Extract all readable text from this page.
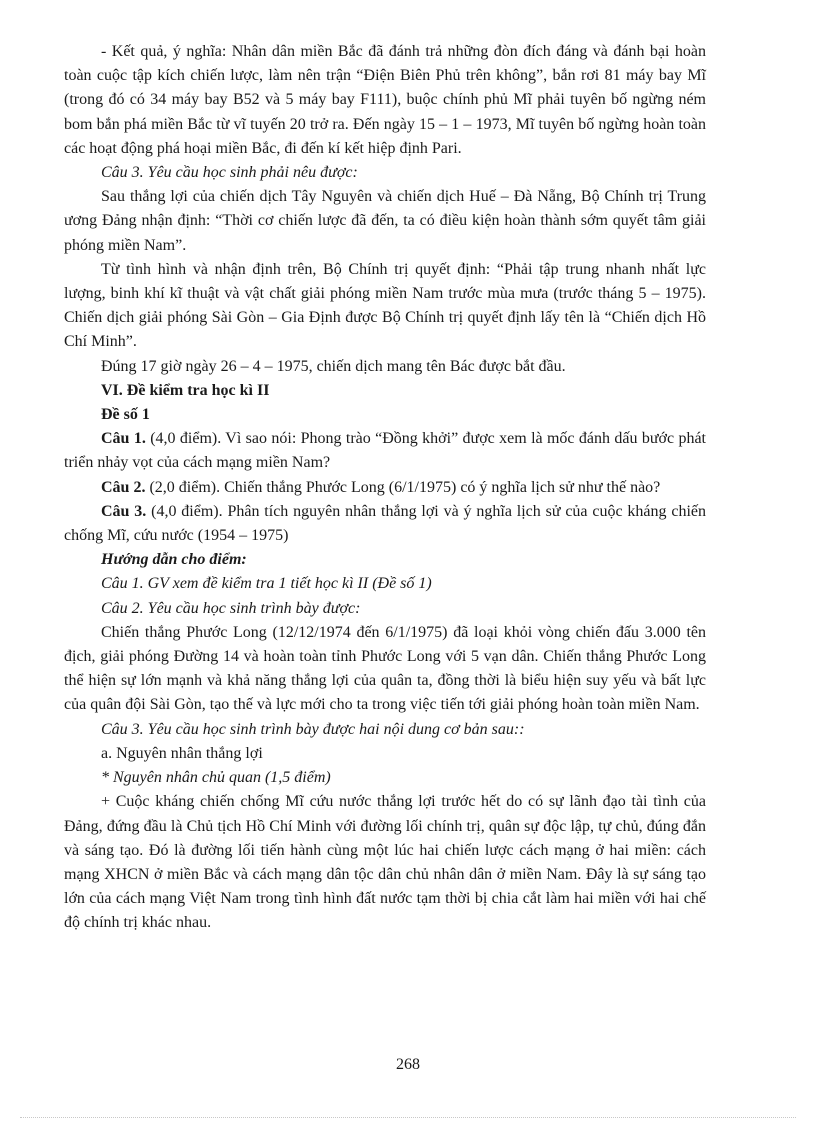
- Kết quả, ý nghĩa: Nhân dân miền Bắc đã đánh trả những đòn đích đáng và đánh bại hoàn toàn cuộc tập kích chiến lược, làm nên trận “Điện Biên Phủ trên không”, bắn rơi 81 máy bay Mĩ (trong đó có 34 máy bay B52 và 5 máy bay F111), buộc chính phủ Mĩ phải tuyên bố ngừng ném bom bắn phá miền Bắc từ vĩ tuyến 20 trở ra. Đến ngày 15 – 1 – 1973, Mĩ tuyên bố ngừng hoàn toàn các hoạt động phá hoại miền Bắc, đi đến kí kết hiệp định Pari.

Câu 3. Yêu cầu học sinh phải nêu được:

Sau thắng lợi của chiến dịch Tây Nguyên và chiến dịch Huế – Đà Nẵng, Bộ Chính trị Trung ương Đảng nhận định: “Thời cơ chiến lược đã đến, ta có điều kiện hoàn thành sớm quyết tâm giải phóng miền Nam”.

Từ tình hình và nhận định trên, Bộ Chính trị quyết định: “Phải tập trung nhanh nhất lực lượng, binh khí kĩ thuật và vật chất giải phóng miền Nam trước mùa mưa (trước tháng 5 – 1975). Chiến dịch giải phóng Sài Gòn – Gia Định được Bộ Chính trị quyết định lấy tên là “Chiến dịch Hồ Chí Minh”.

Đúng 17 giờ ngày 26 – 4 – 1975, chiến dịch mang tên Bác được bắt đầu.

VI. Đề kiểm tra học kì II

Đề số 1

Câu 1. (4,0 điểm). Vì sao nói: Phong trào “Đồng khởi” được xem là mốc đánh dấu bước phát triển nhảy vọt của cách mạng miền Nam?

Câu 2. (2,0 điểm). Chiến thắng Phước Long (6/1/1975) có ý nghĩa lịch sử như thế nào?

Câu 3. (4,0 điểm). Phân tích nguyên nhân thắng lợi và ý nghĩa lịch sử của cuộc kháng chiến chống Mĩ, cứu nước (1954 – 1975)

Hướng dẫn cho điểm:

Câu 1. GV xem đề kiểm tra 1 tiết học kì II (Đề số 1)

Câu 2. Yêu cầu học sinh trình bày được:

Chiến thắng Phước Long (12/12/1974 đến 6/1/1975) đã loại khỏi vòng chiến đấu 3.000 tên địch, giải phóng Đường 14 và hoàn toàn tỉnh Phước Long với 5 vạn dân. Chiến thắng Phước Long thể hiện sự lớn mạnh và khả năng thắng lợi của quân ta, đồng thời là biểu hiện suy yếu và bất lực của quân đội Sài Gòn, tạo thế và lực mới cho ta trong việc tiến tới giải phóng hoàn toàn miền Nam.

Câu 3. Yêu cầu học sinh trình bày được hai nội dung cơ bản sau::

a. Nguyên nhân thắng lợi

* Nguyên nhân chủ quan (1,5 điểm)

+ Cuộc kháng chiến chống Mĩ cứu nước thắng lợi trước hết do có sự lãnh đạo tài tình của Đảng, đứng đầu là Chủ tịch Hồ Chí Minh với đường lối chính trị, quân sự độc lập, tự chủ, đúng đắn và sáng tạo. Đó là đường lối tiến hành cùng một lúc hai chiến lược cách mạng ở hai miền: cách mạng XHCN ở miền Bắc và cách mạng dân tộc dân chủ nhân dân ở miền Nam. Đây là sự sáng tạo lớn của cách mạng Việt Nam trong tình hình đất nước tạm thời bị chia cắt làm hai miền với hai chế độ chính trị khác nhau.

268
